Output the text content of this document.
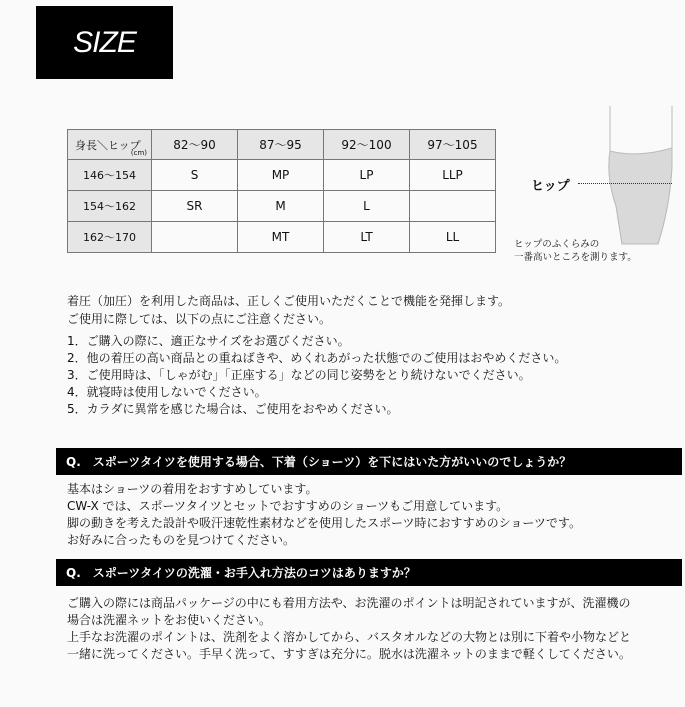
SIZE
身長＼ヒップ
(cm)	82〜90	87〜95	92〜100	97〜105
146〜154	S	MP	LP	LLP
154〜162	SR	M	L	
162〜170		MT	LT	LL
ヒップ
ヒップのふくらみの
一番高いところを測ります。
着圧（加圧）を利用した商品は、正しくご使用いただくことで機能を発揮します。
ご使用に際しては、以下の点にご注意ください。
1．ご購入の際に、適正なサイズをお選びください。
2．他の着圧の高い商品との重ねばきや、めくれあがった状態でのご使用はおやめください。
3．ご使用時は、「しゃがむ」「正座する」などの同じ姿勢をとり続けないでください。
4．就寝時は使用しないでください。
5．カラダに異常を感じた場合は、ご使用をおやめください。
Q.　スポーツタイツを使用する場合、下着（ショーツ）を下にはいた方がいいのでしょうか？
基本はショーツの着用をおすすめしています。
CW-X では、スポーツタイツとセットでおすすめのショーツもご用意しています。
脚の動きを考えた設計や吸汗速乾性素材などを使用したスポーツ時におすすめのショーツです。
お好みに合ったものを見つけてください。
Q.　スポーツタイツの洗濯・お手入れ方法のコツはありますか？
ご購入の際には商品パッケージの中にも着用方法や、お洗濯のポイントは明記されていますが、洗濯機の
場合は洗濯ネットをお使いください。
上手なお洗濯のポイントは、洗剤をよく溶かしてから、バスタオルなどの大物とは別に下着や小物などと
一緒に洗ってください。手早く洗って、すすぎは充分に。脱水は洗濯ネットのままで軽くしてください。
